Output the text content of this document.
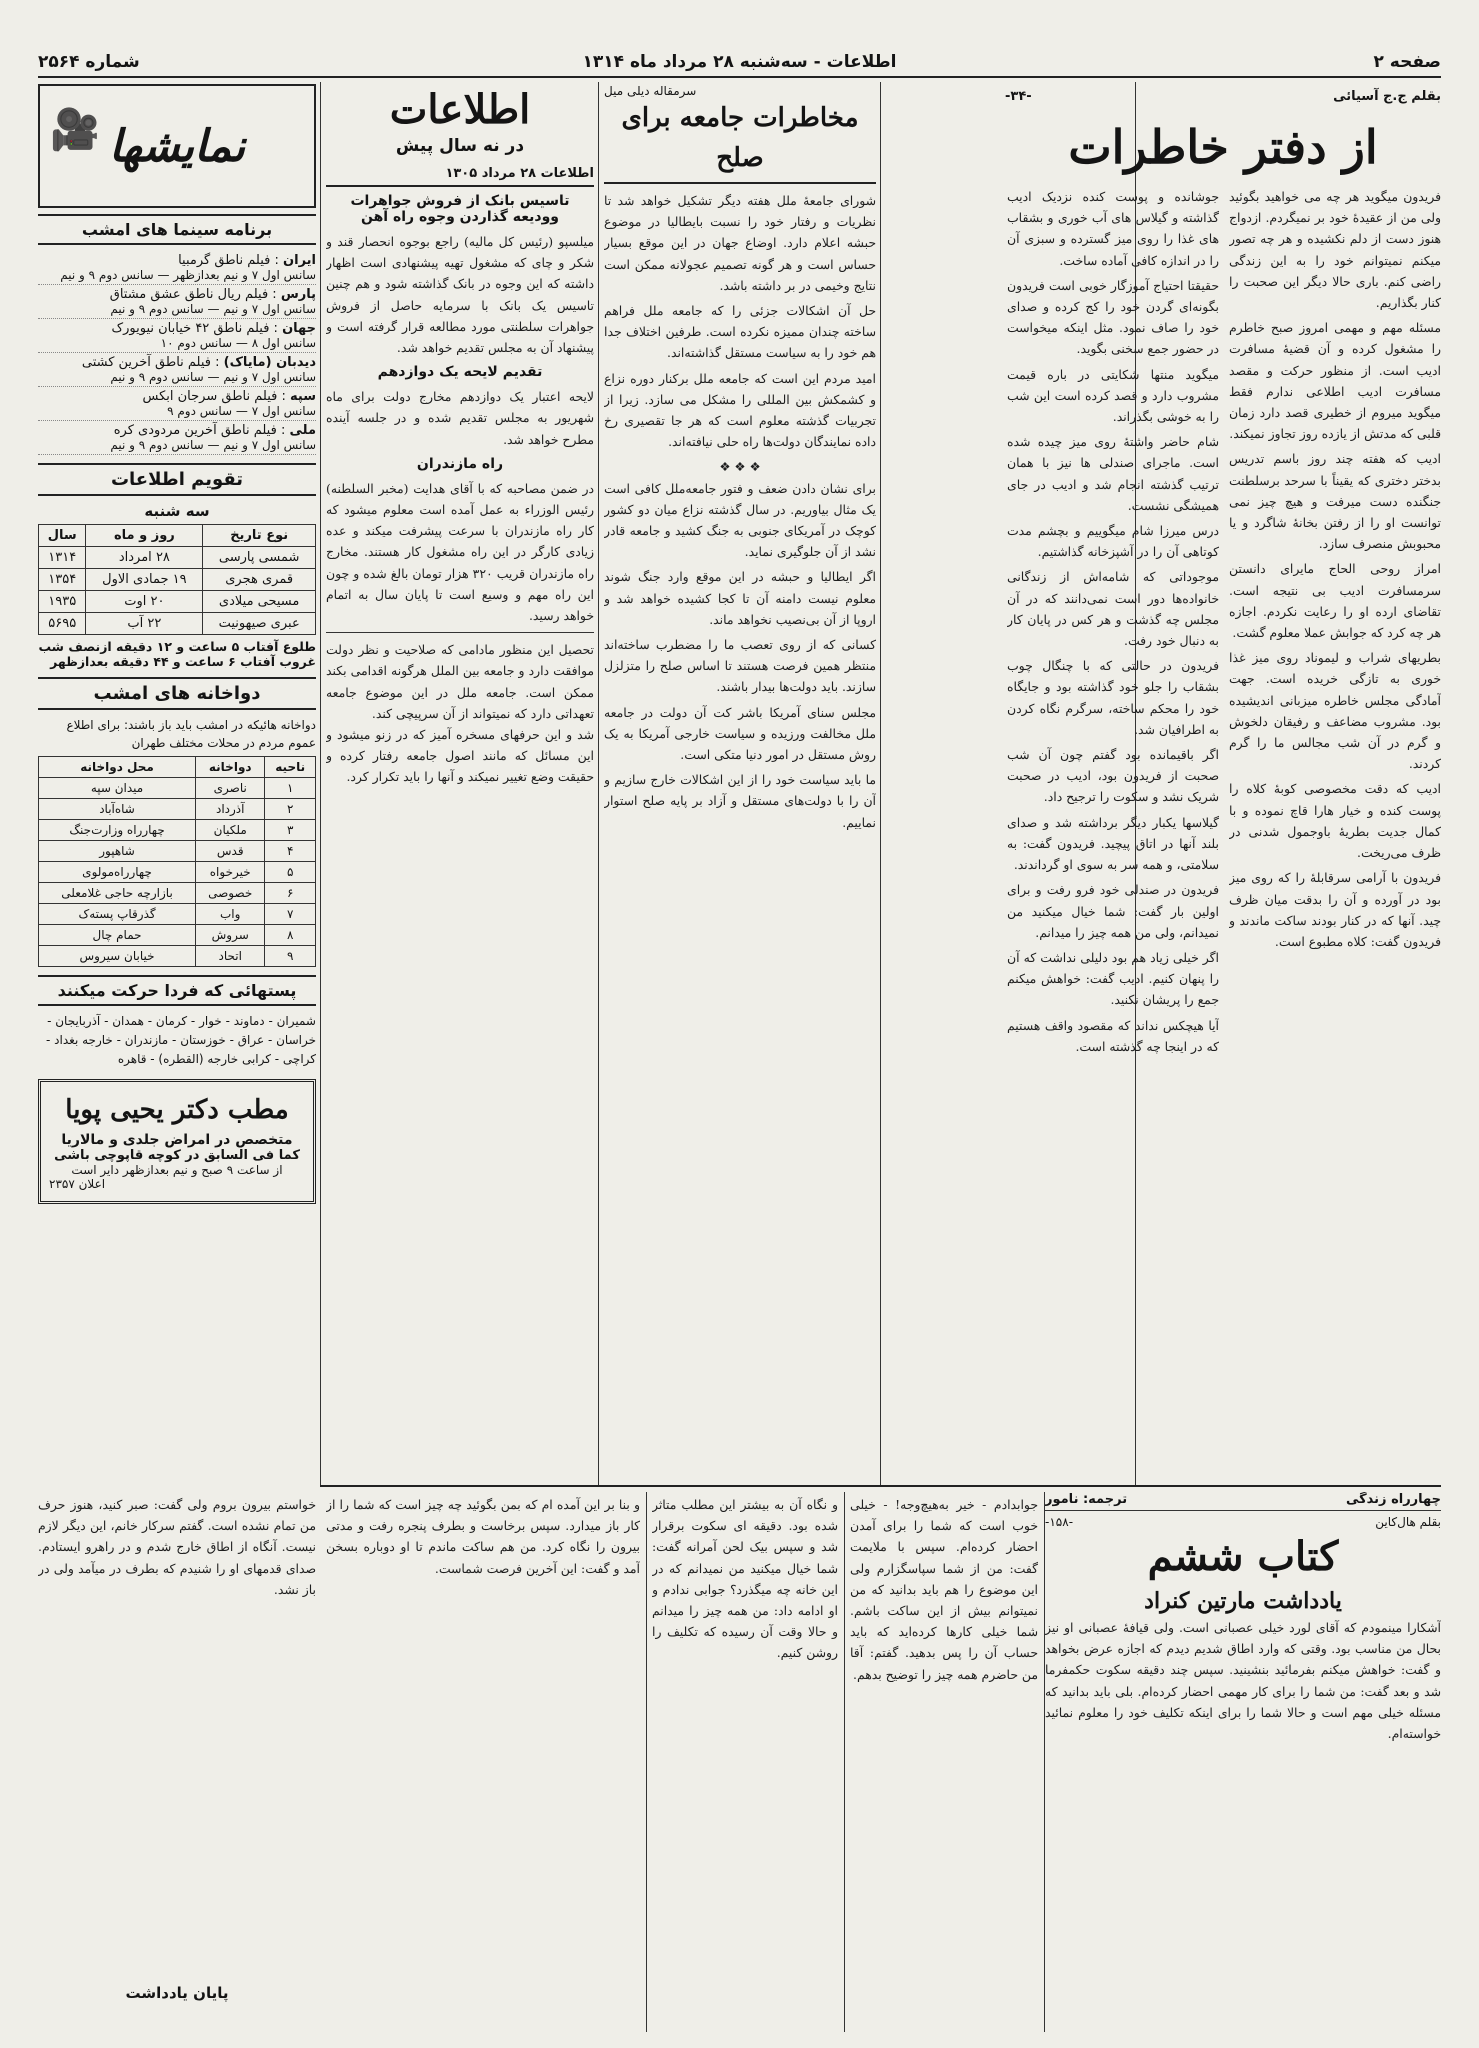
صفحه ۲
اطلاعات - سه‌شنبه ۲۸ مرداد ماه ۱۳۱۴
شماره ۲۵۶۴
بقلم ج.ج آسیائی
-۳۴-
از دفتر خاطرات

فریدون میگوید هر چه می خواهید بگوئید ولی من از عقیدهٔ خود بر نمیگردم. ازدواج هنوز دست از دلم نکشیده و هر چه تصور میکنم نمیتوانم خود را به این زندگی راضی کنم. باری حالا دیگر این صحبت را کنار بگذاریم.

مسئله مهم و مهمی امروز صبح خاطرم را مشغول کرده و آن قضیهٔ مسافرت ادیب است. از منظور حرکت و مقصد مسافرت ادیب اطلاعی ندارم فقط میگوید میروم از خطیری قصد دارد زمان قلبی که مدتش از یازده روز تجاوز نمیکند.

ادیب که هفته چند روز باسم تدریس بدختر دختری که یقیناً با سرحد برسلطنت جنگنده دست میرفت و هیچ چیز نمی توانست او را از رفتن بخانهٔ شاگرد و یا محبوبش منصرف سازد.

امراز روحی الحاج مایرای دانستن سرمسافرت ادیب بی نتیجه است. تقاضای ارده او را رعایت نکردم. اجازه هر چه کرد که جوابش عملا معلوم گشت.

بطریهای شراب و لیموناد روی میز غذا خوری به تازگی خریده است. جهت آمادگی مجلس خاطره میزبانی اندیشیده بود. مشروب مضاعف و رفیقان دلخوش و گرم در آن شب مجالس ما را گرم کردند.

ادیب که دقت مخصوصی کوبهٔ کلاه را پوست کنده و خیار هارا قاچ نموده و با کمال جدیت بطریهٔ باوجمول شدنی در ظرف می‌ریخت.

فریدون با آرامی سرقابلهٔ را که روی میز بود در آورده و آن را بدقت میان ظرف چید. آنها که در کنار بودند ساکت ماندند و فریدون گفت: کلاه مطبوع است.

جوشانده و پوست کنده نزدیک ادیب گذاشته و گیلاس های آب خوری و بشقاب های غذا را روی میز گسترده و سبزی آن را در اندازه کافی آماده ساخت.

حقیقتا احتیاج آموزگار خوبی است فریدون بگونه‌ای گردن خود را کج کرده و صدای خود را صاف نمود. مثل اینکه میخواست در حضور جمع سخنی بگوید.

میگوید منتها شکایتی در باره قیمت مشروب دارد و قصد کرده است این شب را به خوشی بگذراند.

شام حاضر واشتهٔ روی میز چیده شده است. ماجرای صندلی ها نیز با همان ترتیب گذشته انجام شد و ادیب در جای همیشگی نشست.

درس میرزا شام میگوییم و بچشم مدت کوتاهی آن را در آشپزخانه گذاشتیم.

موجوداتی که شامه‌اش از زندگانی خانواده‌ها دور است نمی‌دانند که در آن مجلس چه گذشت و هر کس در پایان کار به دنبال خود رفت.

فریدون در حالتی که با چنگال چوب بشقاب را جلو خود گذاشته بود و جایگاه خود را محکم ساخته، سرگرم نگاه کردن به اطرافیان شد.

اگر باقیمانده بود گفتم چون آن شب صحبت از فریدون بود، ادیب در صحبت شریک نشد و سکوت را ترجیح داد.

گیلاسها یکبار دیگر برداشته شد و صدای بلند آنها در اتاق پیچید. فریدون گفت: به سلامتی، و همه سر به سوی او گرداندند.

فریدون در صندلی خود فرو رفت و برای اولین بار گفت: شما خیال میکنید من نمیدانم، ولی من همه چیز را میدانم.

اگر خیلی زیاد هم بود دلیلی نداشت که آن را پنهان کنیم. ادیب گفت: خواهش میکنم جمع را پریشان نکنید.

آیا هیچکس نداند که مقصود واقف هستیم که در اینجا چه گذشته است.

سرمقاله دیلی میل
مخاطرات جامعه برای صلح

شورای جامعهٔ ملل هفته دیگر تشکیل خواهد شد تا نظریات و رفتار خود را نسبت بایطالیا در موضوع حبشه اعلام دارد. اوضاع جهان در این موقع بسیار حساس است و هر گونه تصمیم عجولانه ممکن است نتایج وخیمی در بر داشته باشد.

حل آن اشکالات جزئی را که جامعه ملل فراهم ساخته چندان ممیزه نکرده است. طرفین اختلاف جدا هم خود را به سیاست مستقل گذاشته‌اند.

امید مردم این است که جامعه ملل برکنار دوره نزاع و کشمکش بین المللی را مشکل می سازد. زیرا از تجربیات گذشته معلوم است که هر جا تقصیری رخ داده نمایندگان دولت‌ها راه حلی نیافته‌اند.

❖ ❖ ❖

برای نشان دادن ضعف و فتور جامعه‌ملل کافی است یک مثال بیاوریم. در سال گذشته نزاع میان دو کشور کوچک در آمریکای جنوبی به جنگ کشید و جامعه قادر نشد از آن جلوگیری نماید.

اگر ایطالیا و حبشه در این موقع وارد جنگ شوند معلوم نیست دامنه آن تا کجا کشیده خواهد شد و اروپا از آن بی‌نصیب نخواهد ماند.

کسانی که از روی تعصب ما را مضطرب ساخته‌اند منتظر همین فرصت هستند تا اساس صلح را متزلزل سازند. باید دولت‌ها بیدار باشند.

مجلس سنای آمریکا باشر کت آن دولت در جامعه ملل مخالفت ورزیده و سیاست خارجی آمریکا به یک روش مستقل در امور دنیا متکی است.

ما باید سیاست خود را از این اشکالات خارج سازیم و آن را با دولت‌های مستقل و آزاد بر پایه صلح استوار نماییم.

اطلاعات
در نه سال پیش
اطلاعات ۲۸ مرداد ۱۳۰۵
تاسیس بانک از فروش جواهرات وودیعه گذاردن وجوه راه آهن
میلسپو (رئیس کل مالیه) راجع بوجوه انحصار قند و شکر و چای که مشغول تهیه پیشنهادی است اظهار داشته که این وجوه در بانک گذاشته شود و هم چنین تاسیس یک بانک با سرمایه حاصل از فروش جواهرات سلطنتی مورد مطالعه قرار گرفته است و پیشنهاد آن به مجلس تقدیم خواهد شد.
تقدیم لایحه یک دوازدهم
لایحه اعتبار یک دوازدهم مخارج دولت برای ماه شهریور به مجلس تقدیم شده و در جلسه آینده مطرح خواهد شد.
راه مازندران
در ضمن مصاحبه که با آقای هدایت (مخبر السلطنه) رئیس الوزراء به عمل آمده است معلوم میشود که کار راه مازندران با سرعت پیشرفت میکند و عده زیادی کارگر در این راه مشغول کار هستند. مخارج راه مازندران قریب ۳۲۰ هزار تومان بالغ شده و چون این راه مهم و وسیع است تا پایان سال به اتمام خواهد رسید.
تحصیل این منظور مادامی که صلاحیت و نظر دولت موافقت دارد و جامعه بین الملل هرگونه اقدامی بکند ممکن است. جامعه ملل در این موضوع جامعه تعهداتی دارد که نمیتواند از آن سرپیچی کند.
شد و این حرفهای مسخره آمیز که در زنو میشود و این مسائل که مانند اصول جامعه رفتار کرده و حقیقت وضع تغییر نمیکند و آنها را باید تکرار کرد.
🎥 نمایشها
برنامه سینما های امشب
ایران : فیلم ناطق گرمبیا
سانس اول ۷ و نیم بعدازظهر — سانس دوم ۹ و نیم
پارس : فیلم ریال ناطق عشق مشتاق
سانس اول ۷ و نیم — سانس دوم ۹ و نیم
جهان : فیلم ناطق ۴۲ خیابان نیویورک
سانس اول ۸ — سانس دوم ۱۰
دیدبان (مایاک) : فیلم ناطق آخرین کشتی
سانس اول ۷ و نیم — سانس دوم ۹ و نیم
سپه : فیلم ناطق سرجان ابکس
سانس اول ۷ — سانس دوم ۹
ملی : فیلم ناطق آخرین مردودی کره
سانس اول ۷ و نیم — سانس دوم ۹ و نیم
تقویم اطلاعات
سه شنبه
نوع تاریخ	روز و ماه	سال
شمسی پارسی	۲۸ امرداد	۱۳۱۴
قمری هجری	۱۹ جمادی الاول	۱۳۵۴
مسیحی میلادی	۲۰ اوت	۱۹۳۵
عبری صیهونیت	۲۲ آب	۵۶۹۵
طلوع آفتاب ۵ ساعت و ۱۲ دقیقه ازنصف شب
غروب آفتاب ۶ ساعت و ۴۴ دقیقه بعدازظهر
دواخانه های امشب
دواخانه هائیکه در امشب باید باز باشند: برای اطلاع عموم مردم در محلات مختلف طهران
ناحیه	دواخانه	محل دواخانه
۱	ناصری	میدان سپه
۲	آذرداد	شاه‌آباد
۳	ملکیان	چهارراه وزارت‌جنگ
۴	قدس	شاهپور
۵	خیرخواه	چهارراه‌مولوی
۶	خصوصی	بازارچه حاجی غلامعلی
۷	واب	گذرقاپ پسته‌ک
۸	سروش	حمام چال
۹	اتحاد	خیابان سیروس
پستهائی که فردا حرکت میکنند
شمیران - دماوند - خوار - کرمان - همدان - آذربایجان - خراسان - عراق - خوزستان - مازندران - خارجه بغداد - کراچی - کرابی خارجه (القطره) - قاهره
مطب دکتر یحیی پویا
متخصص در امراض جلدی و مالاریا
کما فی السابق در کوچه قاپوچی باشی
از ساعت ۹ صبح و نیم بعدازظهر دایر است
اعلان ۲۳۵۷
چهارراه زندگی
ترجمه: نامور
بقلم هال‌کاین
-۱۵۸-
کتاب ششم
یادداشت مارتین کنراد
آشکارا مینمودم که آقای لورد خیلی عصبانی است. ولی قیافهٔ عصبانی او نیز بحال من مناسب بود. وقتی که وارد اطاق شدیم دیدم که اجازه عرض بخواهد و گفت: خواهش میکنم بفرمائید بنشینید. سپس چند دقیقه سکوت حکمفرما شد و بعد گفت: من شما را برای کار مهمی احضار کرده‌ام. بلی باید بدانید که مسئله خیلی مهم است و حالا شما را برای اینکه تکلیف خود را معلوم نمائید خواسته‌ام.
جوابدادم - خیر به‌هیچ‌وجه! - خیلی خوب است که شما را برای آمدن احضار کرده‌ام. سپس با ملایمت گفت: من از شما سپاسگزارم ولی این موضوع را هم باید بدانید که من نمیتوانم بیش از این ساکت باشم. شما خیلی کارها کرده‌اید که باید حساب آن را پس بدهید. گفتم: آقا من حاضرم همه چیز را توضیح بدهم.
و نگاه آن به بیشتر این مطلب متاثر شده بود. دقیقه ای سکوت برقرار شد و سپس بیک لحن آمرانه گفت: شما خیال میکنید من نمیدانم که در این خانه چه میگذرد؟ جوابی ندادم و او ادامه داد: من همه چیز را میدانم و حالا وقت آن رسیده که تکلیف را روشن کنیم.
و بنا بر این آمده ام که بمن بگوئید چه چیز است که شما را از کار باز میدارد. سپس برخاست و بطرف پنجره رفت و مدتی بیرون را نگاه کرد. من هم ساکت ماندم تا او دوباره بسخن آمد و گفت: این آخرین فرصت شماست.
خواستم بیرون بروم ولی گفت: صبر کنید، هنوز حرف من تمام نشده است. گفتم سرکار خانم، این دیگر لازم نیست. آنگاه از اطاق خارج شدم و در راهرو ایستادم. صدای قدمهای او را شنیدم که بطرف در میآمد ولی در باز نشد.
پایان یادداشت
